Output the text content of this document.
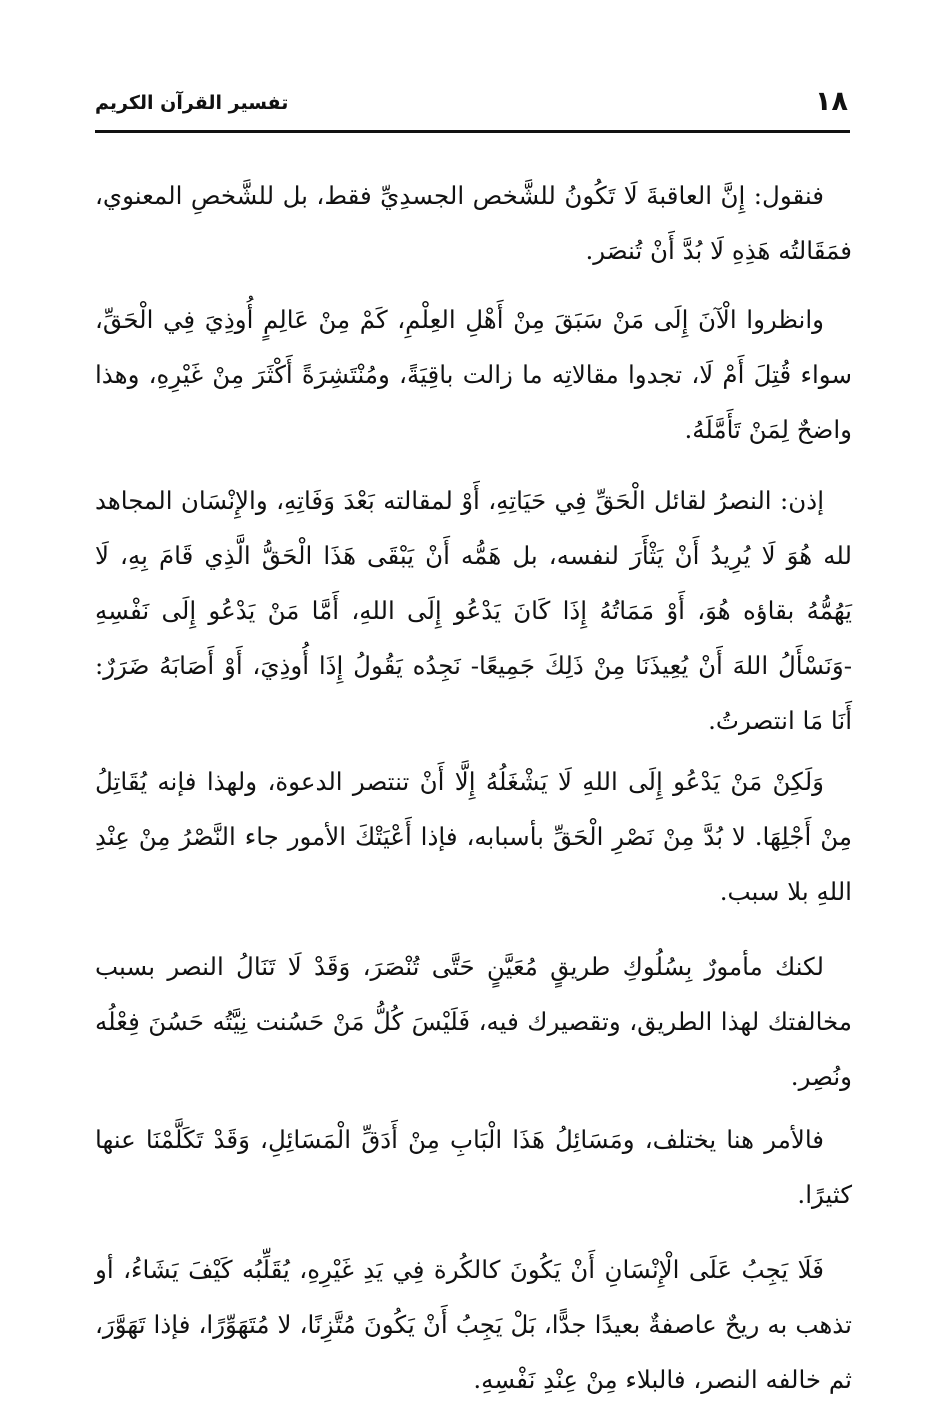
١٨
تفسير القرآن الكريم

فنقول: إِنَّ العاقبةَ لَا تَكُونُ للشَّخص الجسدِيِّ فقط، بل للشَّخصِ المعنوي، فمَقَالتُه هَذِهِ لَا بُدَّ أَنْ تُنصَر.

وانظروا الْآنَ إِلَى مَنْ سَبَقَ مِنْ أَهْلِ العِلْمِ، كَمْ مِنْ عَالِمٍ أُوذِيَ فِي الْحَقِّ، سواء قُتِلَ أَمْ لَا، تجدوا مقالاتِه ما زالت باقِيَةً، ومُنْتَشِرَةً أَكْثَرَ مِنْ غَيْرِهِ، وهذا واضحٌ لِمَنْ تَأَمَّلَهُ.

إذن: النصرُ لقائل الْحَقِّ فِي حَيَاتِهِ، أَوْ لمقالته بَعْدَ وَفَاتِهِ، والإِنْسَان المجاهد لله هُوَ لَا يُرِيدُ أَنْ يَثْأَرَ لنفسه، بل هَمُّه أَنْ يَبْقَى هَذَا الْحَقُّ الَّذِي قَامَ بِهِ، لَا يَهُمُّهُ بقاؤه هُوَ، أَوْ مَمَاتُهُ إِذَا كَانَ يَدْعُو إِلَى اللهِ، أَمَّا مَنْ يَدْعُو إِلَى نَفْسِهِ -وَنَسْأَلُ اللهَ أَنْ يُعِيذَنَا مِنْ ذَلِكَ جَمِيعًا- نَجِدُه يَقُولُ إِذَا أُوذِيَ، أَوْ أَصَابَهُ ضَرَرٌ: أَنَا مَا انتصرتُ.

وَلَكِنْ مَنْ يَدْعُو إِلَى اللهِ لَا يَشْغَلُهُ إِلَّا أَنْ تنتصر الدعوة، ولهذا فإنه يُقَاتِلُ مِنْ أَجْلِهَا. لا بُدَّ مِنْ نَصْرِ الْحَقِّ بأسبابه، فإذا أَعْيَتْكَ الأمور جاء النَّصْرُ مِنْ عِنْدِ اللهِ بلا سبب.

لكنك مأمورٌ بِسُلُوكِ طريقٍ مُعَيَّنٍ حَتَّى تُنْصَرَ، وَقَدْ لَا تَنَالُ النصر بسبب مخالفتك لهذا الطريق، وتقصيرك فيه، فَلَيْسَ كُلُّ مَنْ حَسُنت نِيَّتُه حَسُنَ فِعْلُه ونُصِر.

فالأمر هنا يختلف، ومَسَائِلُ هَذَا الْبَابِ مِنْ أَدَقِّ الْمَسَائِلِ، وَقَدْ تَكَلَّمْنَا عنها كثيرًا.

فَلَا يَجِبُ عَلَى الْإِنْسَانِ أَنْ يَكُونَ كالكُرة فِي يَدِ غَيْرِهِ، يُقَلِّبُه كَيْفَ يَشَاءُ، أو تذهب به ريحٌ عاصفةٌ بعيدًا جدًّا، بَلْ يَجِبُ أَنْ يَكُونَ مُتَّزِنًا، لا مُتَهَوِّرًا، فإذا تَهَوَّرَ، ثم خالفه النصر، فالبلاء مِنْ عِنْدِ نَفْسِهِ.
